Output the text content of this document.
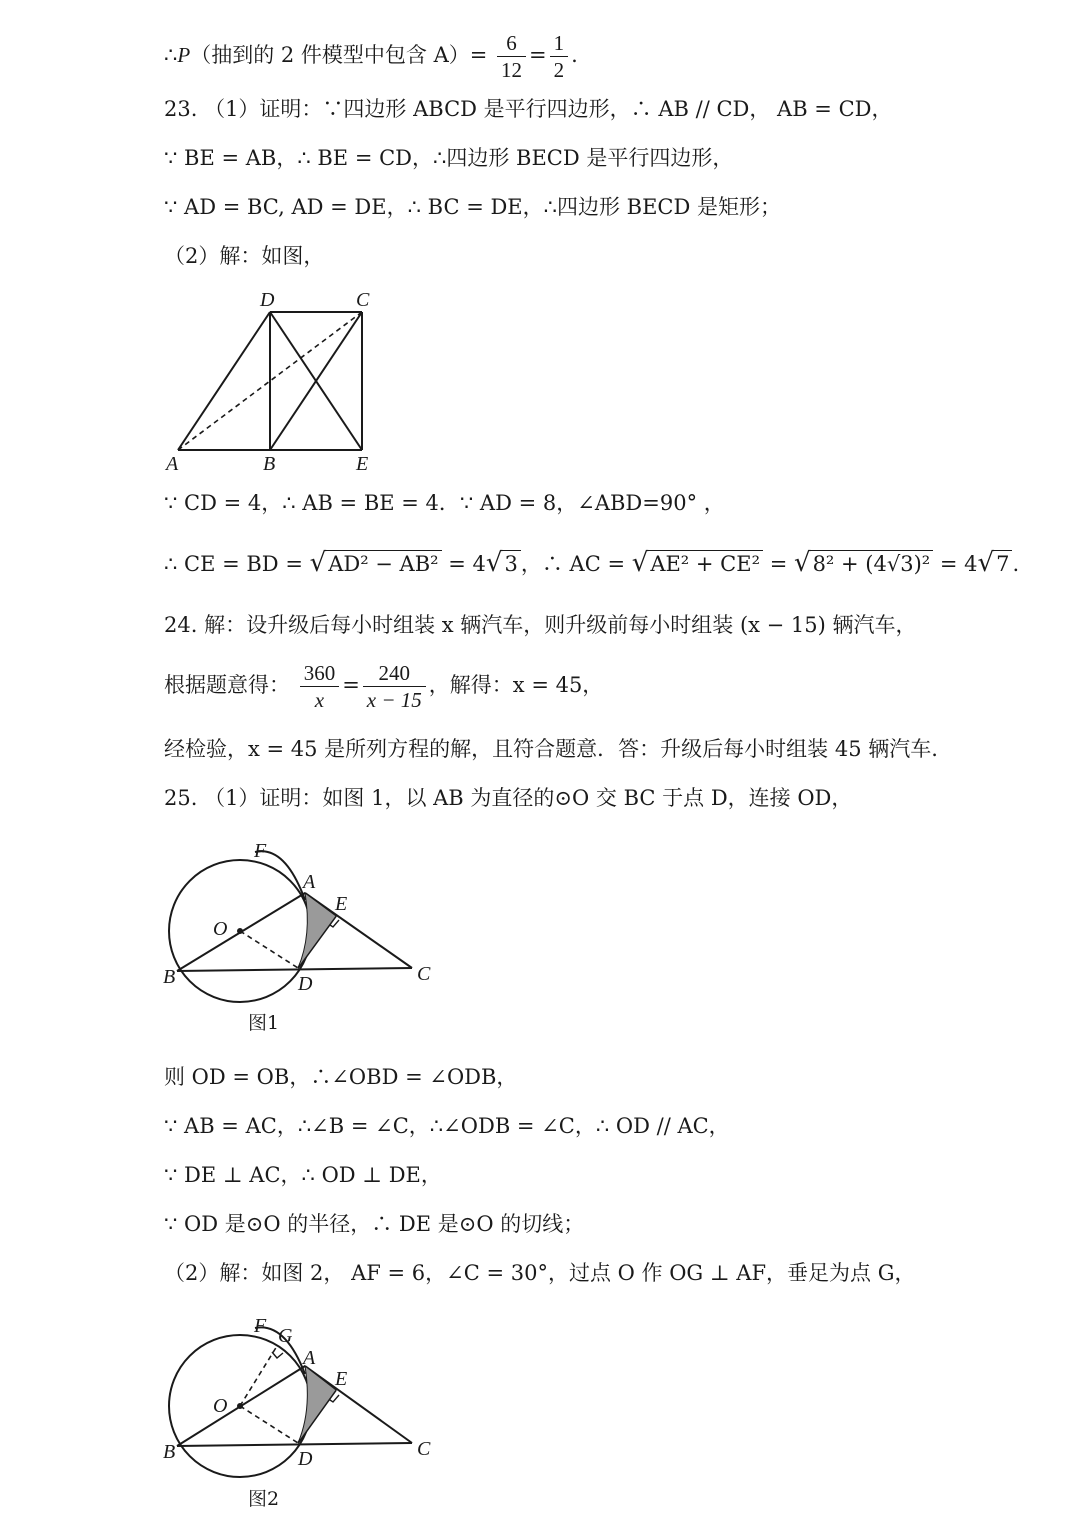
∴P（抽到的 2 件模型中包含 $A)= \frac{6}{12} = \frac{1}{2}$ .
23. （1）证明：∵四边形 ABCD 是平行四边形，∴ AB // CD， AB = CD，
∵ BE = AB，∴ BE = CD，∴四边形 BECD 是平行四边形，
∵ AD = BC, AD = DE，∴ BC = DE，∴四边形 BECD 是矩形；
（2）解：如图，
D	C
A	B	E
∵ CD = 4，∴ AB = BE = 4．∵ AD = 8，∠ABD=90° ，
∴ CE = BD = √AD² − AB² = 4√3 ，∴ AC = √AE² + CE² = √8² + (4√3)² = 4√7 .
24. 解：设升级后每小时组装 x 辆汽车，则升级前每小时组装 (x − 15) 辆汽车，
根据题意得： $\frac{360}{x} = \frac{240}{x - 15}$ ，解得：x = 45，
经检验，x = 45 是所列方程的解，且符合题意．答：升级后每小时组装 45 辆汽车.
25. （1）证明：如图 1，以 AB 为直径的⊙O 交 BC 于点 D，连接 OD，
F
A
E
O
B	D	C
图1
则 OD = OB，∴∠OBD = ∠ODB，
∵ AB = AC，∴∠B = ∠C，∴∠ODB = ∠C，∴ OD // AC，
∵ DE ⊥ AC，∴ OD ⊥ DE，
∵ OD 是⊙O 的半径，∴ DE 是⊙O 的切线；
（2）解：如图 2， AF = 6，∠C = 30°，过点 O 作 OG ⊥ AF，垂足为点 G，
F G
A
E
O
B	D	C
图2
